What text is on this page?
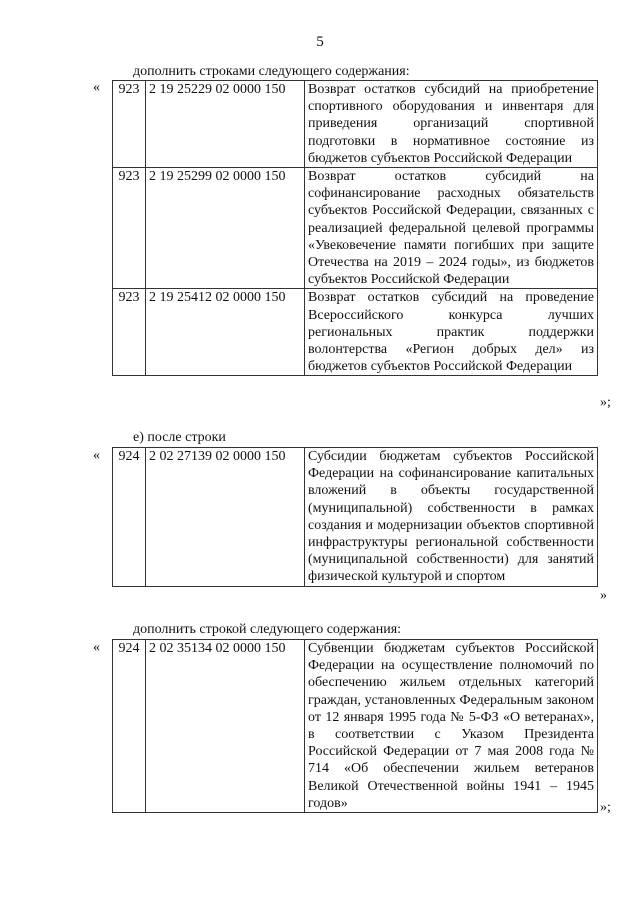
5
дополнить строками следующего содержания:
« 923	2 19 25229 02 0000 150	Возврат остатков субсидий на приобретение спортивного оборудования и инвентаря для приведения организаций спортивной подготовки в нормативное состояние из бюджетов субъектов Российской Федерации
923	2 19 25299 02 0000 150	Возврат остатков субсидий на софинансирование расходных обязательств субъектов Российской Федерации, связанных с реализацией федеральной целевой программы «Увековечение памяти погибших при защите Отечества на 2019 – 2024 годы», из бюджетов субъектов Российской Федерации
923	2 19 25412 02 0000 150	Возврат остатков субсидий на проведение Всероссийского конкурса лучших региональных практик поддержки волонтерства «Регион добрых дел» из бюджетов субъектов Российской Федерации
»;
е) после строки
« 924	2 02 27139 02 0000 150	Субсидии бюджетам субъектов Российской Федерации на софинансирование капитальных вложений в объекты государственной (муниципальной) собственности в рамках создания и модернизации объектов спортивной инфраструктуры региональной собственности (муниципальной собственности) для занятий физической культурой и спортом
»
дополнить строкой следующего содержания:
« 924	2 02 35134 02 0000 150	Субвенции бюджетам субъектов Российской Федерации на осуществление полномочий по обеспечению жильем отдельных категорий граждан, установленных Федеральным законом от 12 января 1995 года № 5-ФЗ «О ветеранах», в соответствии с Указом Президента Российской Федерации от 7 мая 2008 года № 714 «Об обеспечении жильем ветеранов Великой Отечественной войны 1941 – 1945 годов»	»;
